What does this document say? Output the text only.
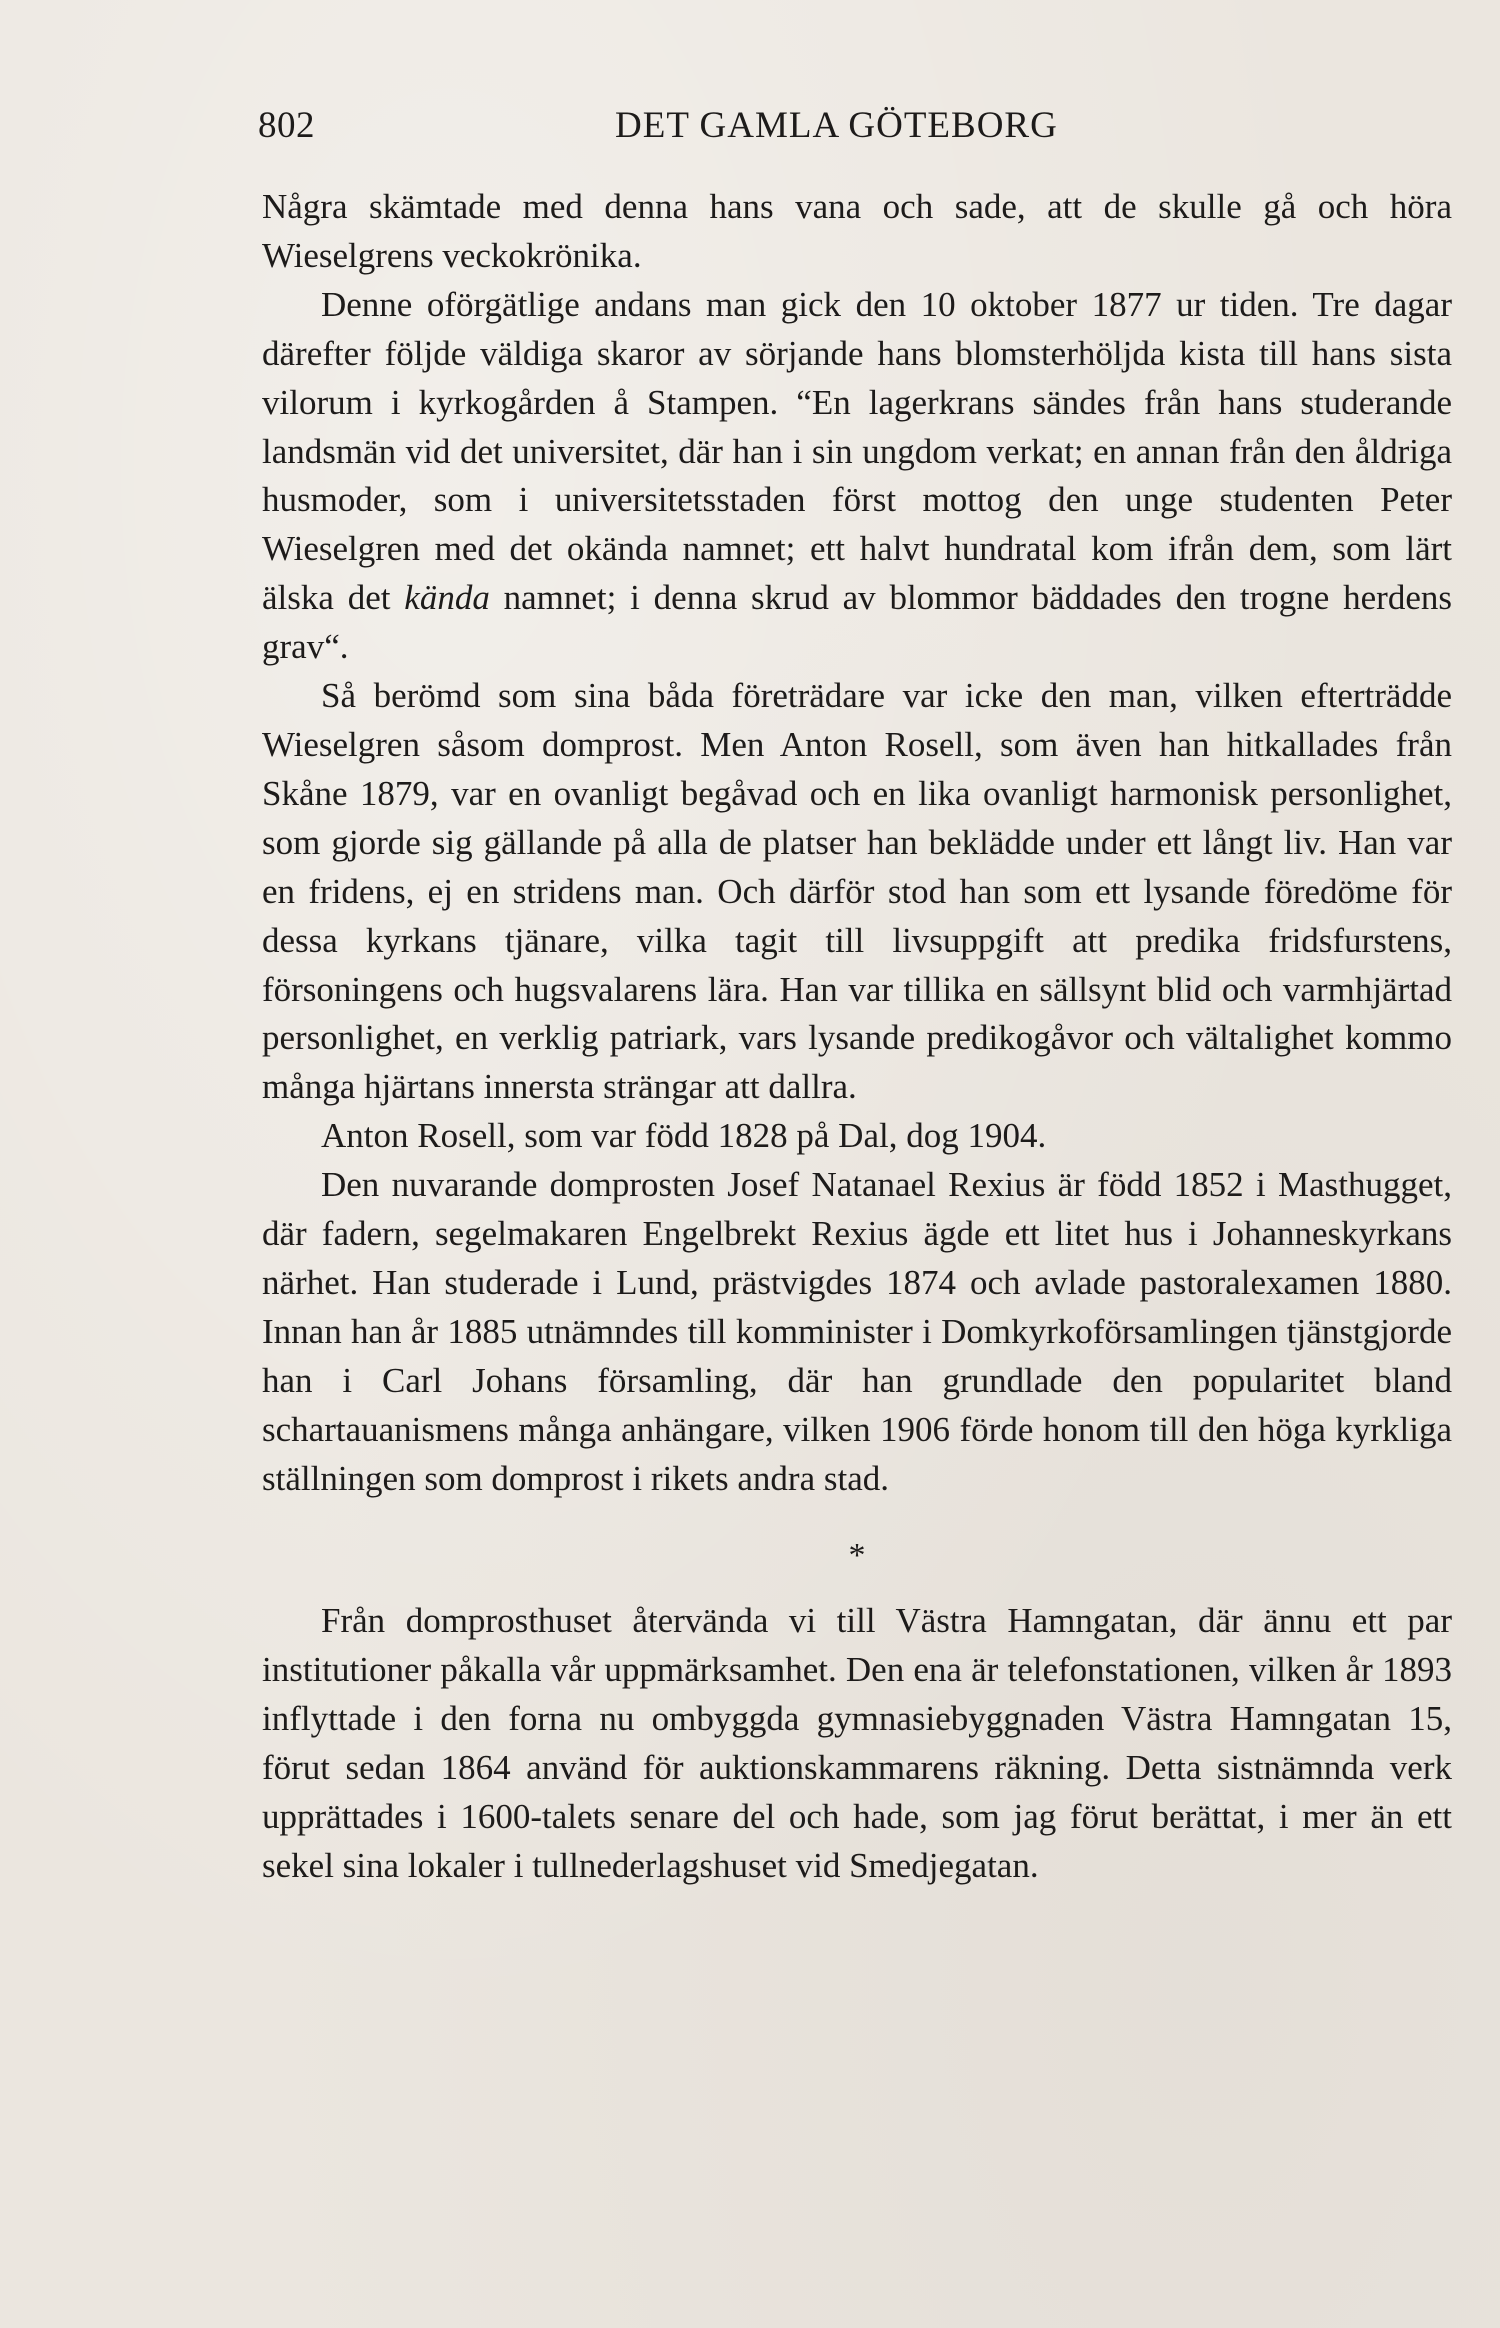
802	DET GAMLA GÖTEBORG

Några skämtade med denna hans vana och sade, att de skulle gå och höra Wieselgrens veckokrönika.

Denne oförgätlige andans man gick den 10 oktober 1877 ur tiden. Tre dagar därefter följde väldiga skaror av sörjande hans blomsterhöljda kista till hans sista vilorum i kyrkogården å Stampen. “En lagerkrans sändes från hans studerande landsmän vid det universitet, där han i sin ungdom verkat; en annan från den åldriga husmoder, som i universitetsstaden först mottog den unge studenten Peter Wieselgren med det okända namnet; ett halvt hundratal kom ifrån dem, som lärt älska det kända namnet; i denna skrud av blommor bäddades den trogne herdens grav“.

Så berömd som sina båda företrädare var icke den man, vilken efterträdde Wieselgren såsom domprost. Men Anton Rosell, som även han hitkallades från Skåne 1879, var en ovanligt begåvad och en lika ovanligt harmonisk personlighet, som gjorde sig gällande på alla de platser han beklädde under ett långt liv. Han var en fridens, ej en stridens man. Och därför stod han som ett lysande föredöme för dessa kyrkans tjänare, vilka tagit till livsuppgift att predika fridsfurstens, försoningens och hugsvalarens lära. Han var tillika en sällsynt blid och varmhjärtad personlighet, en verklig patriark, vars lysande predikogåvor och vältalighet kommo många hjärtans innersta strängar att dallra.

Anton Rosell, som var född 1828 på Dal, dog 1904.

Den nuvarande domprosten Josef Natanael Rexius är född 1852 i Masthugget, där fadern, segelmakaren Engelbrekt Rexius ägde ett litet hus i Johanneskyrkans närhet. Han studerade i Lund, prästvigdes 1874 och avlade pastoralexamen 1880. Innan han år 1885 utnämndes till komminister i Domkyrkoförsamlingen tjänstgjorde han i Carl Johans församling, där han grundlade den popularitet bland schartauanismens många anhängare, vilken 1906 förde honom till den höga kyrkliga ställningen som domprost i rikets andra stad.

*

Från domprosthuset återvända vi till Västra Hamngatan, där ännu ett par institutioner påkalla vår uppmärksamhet. Den ena är telefonstationen, vilken år 1893 inflyttade i den forna nu ombyggda gymnasiebyggnaden Västra Hamngatan 15, förut sedan 1864 använd för auktionskammarens räkning. Detta sistnämnda verk upprättades i 1600-talets senare del och hade, som jag förut berättat, i mer än ett sekel sina lokaler i tullnederlagshuset vid Smedjegatan.
